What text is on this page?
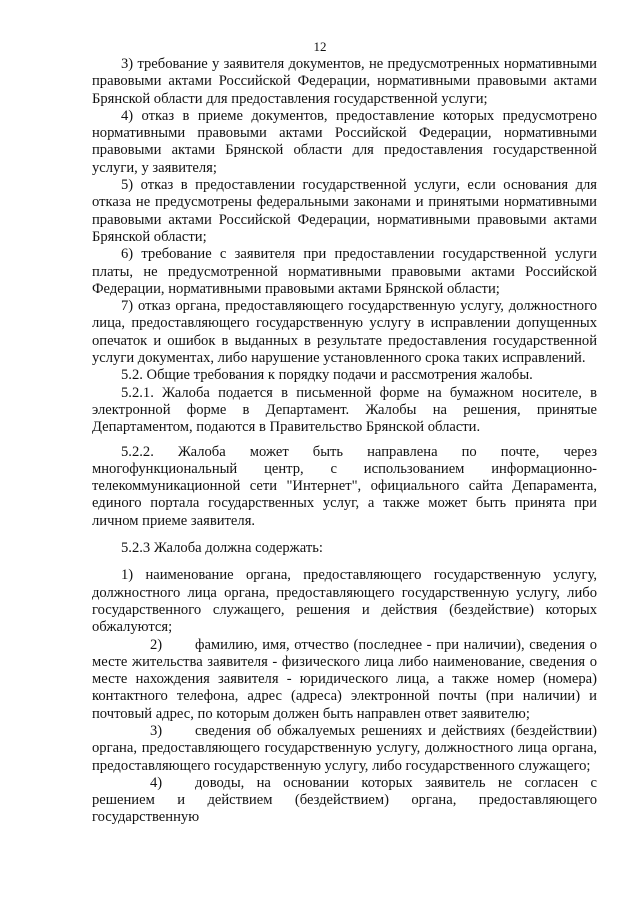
12

3) требование у заявителя документов, не предусмотренных нормативными правовыми актами Российской Федерации, нормативными правовыми актами Брянской области для предоставления государственной услуги;

4) отказ в приеме документов, предоставление которых предусмотрено нормативными правовыми актами Российской Федерации, нормативными правовыми актами Брянской области для предоставления государственной услуги, у заявителя;

5) отказ в предоставлении государственной услуги, если основания для отказа не предусмотрены федеральными законами и принятыми нормативными правовыми актами Российской Федерации, нормативными правовыми актами Брянской области;

6) требование с заявителя при предоставлении государственной услуги платы, не предусмотренной нормативными правовыми актами Российской Федерации, нормативными правовыми актами Брянской области;

7) отказ органа, предоставляющего государственную услугу, должностного лица, предоставляющего государственную услугу в исправлении допущенных опечаток и ошибок в выданных в результате предоставления государственной услуги документах, либо нарушение установленного срока таких исправлений.

5.2. Общие требования к порядку подачи и рассмотрения жалобы.

5.2.1. Жалоба подается в письменной форме на бумажном носителе, в электронной форме в Департамент. Жалобы на решения, принятые Департаментом, подаются в Правительство Брянской области.

5.2.2. Жалоба может быть направлена по почте, через многофункциональный центр, с использованием информационно-телекоммуникационной сети "Интернет", официального сайта Депарамента, единого портала государственных услуг, а также может быть принята при личном приеме заявителя.

5.2.3 Жалоба должна содержать:

1) наименование органа, предоставляющего государственную услугу, должностного лица органа, предоставляющего государственную услугу, либо государственного служащего, решения и действия (бездействие) которых обжалуются;

2) фамилию, имя, отчество (последнее - при наличии), сведения о месте жительства заявителя - физического лица либо наименование, сведения о месте нахождения заявителя - юридического лица, а также номер (номера) контактного телефона, адрес (адреса) электронной почты (при наличии) и почтовый адрес, по которым должен быть направлен ответ заявителю;

3) сведения об обжалуемых решениях и действиях (бездействии) органа, предоставляющего государственную услугу, должностного лица органа, предоставляющего государственную услугу, либо государственного служащего;

4) доводы, на основании которых заявитель не согласен с решением и действием (бездействием) органа, предоставляющего государственную
